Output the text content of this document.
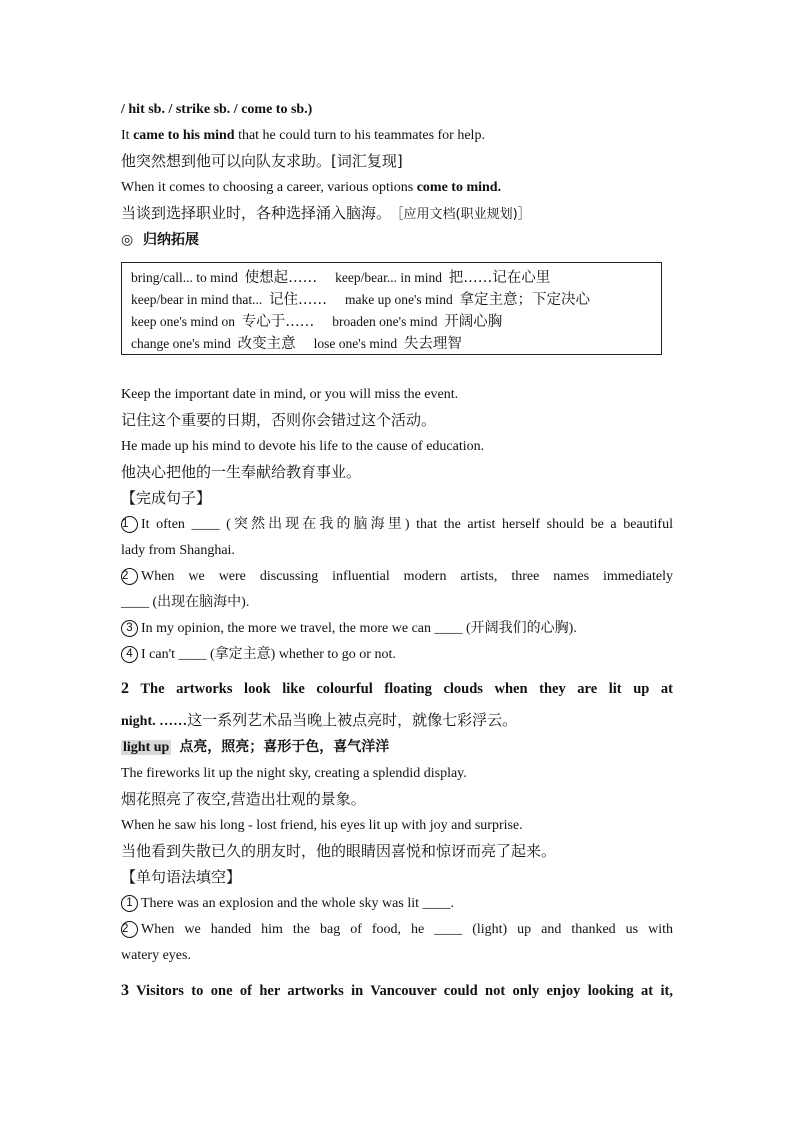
/ hit sb. / strike sb. / come to sb.)
It came to his mind that he could turn to his teammates for help.
他突然想到他可以向队友求助。[词汇复现]
When it comes to choosing a career, various options come to mind.
当谈到选择职业时，各种选择涌入脑海。 ［应用文档(职业规划)］
◎ 归纳拓展
bring/call... to mind 使想起…… keep/bear... in mind 把……记在心里
keep/bear in mind that... 记住…… make up one's mind 拿定主意；下定决心
keep one's mind on 专心于…… broaden one's mind 开阔心胸
change one's mind 改变主意 lose one's mind 失去理智
Keep the important date in mind, or you will miss the event.
记住这个重要的日期，否则你会错过这个活动。
He made up his mind to devote his life to the cause of education.
他决心把他的一生奉献给教育事业。
【完成句子】
1 It often ____ (突然出现在我的脑海里) that the artist herself should be a beautiful
lady from Shanghai.
2 When we were discussing influential modern artists, three names immediately
____ (出现在脑海中).
3 In my opinion, the more we travel, the more we can ____ (开阔我们的心胸).
4 I can't ____ (拿定主意) whether to go or not.
2 The artworks look like colourful floating clouds when they are lit up at
night. ……这一系列艺术品当晚上被点亮时，就像七彩浮云。
light up 点亮，照亮；喜形于色，喜气洋洋
The fireworks lit up the night sky, creating a splendid display.
烟花照亮了夜空,营造出壮观的景象。
When he saw his long - lost friend, his eyes lit up with joy and surprise.
当他看到失散已久的朋友时，他的眼睛因喜悦和惊讶而亮了起来。
【单句语法填空】
1 There was an explosion and the whole sky was lit ____.
2 When we handed him the bag of food, he ____ (light) up and thanked us with
watery eyes.
3 Visitors to one of her artworks in Vancouver could not only enjoy looking at it,
